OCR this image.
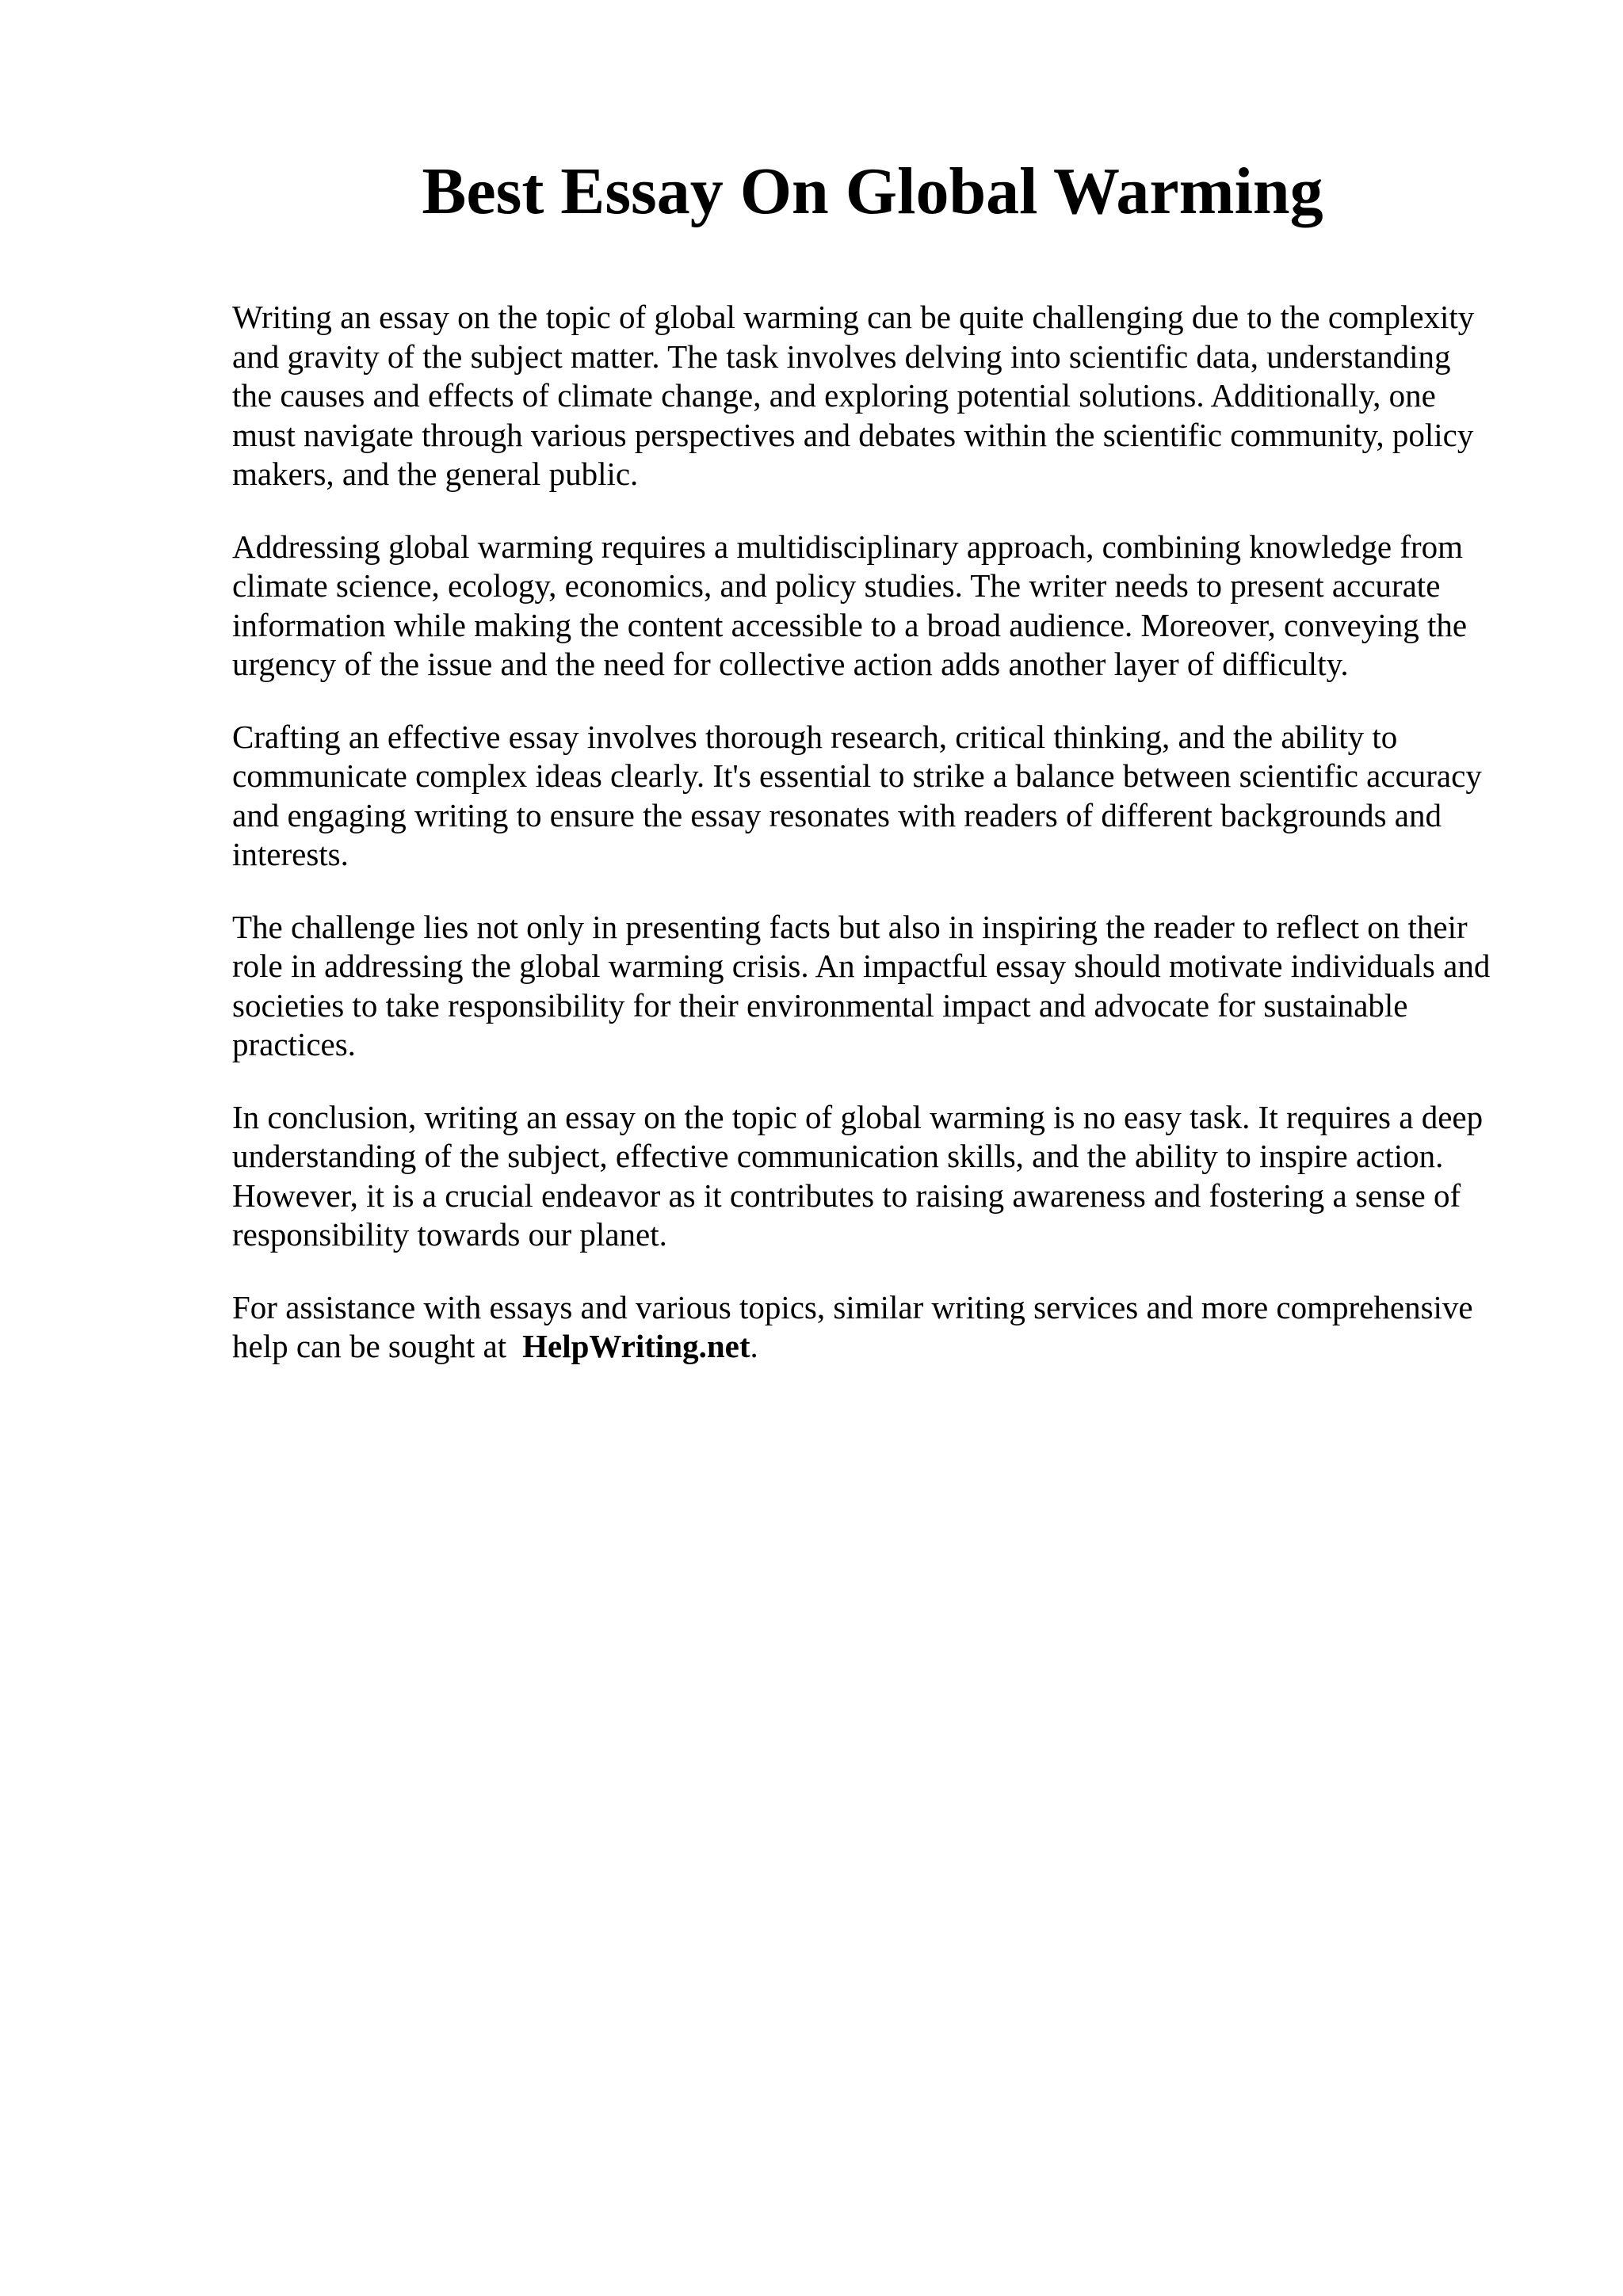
Best Essay On Global Warming

Writing an essay on the topic of global warming can be quite challenging due to the complexity
and gravity of the subject matter. The task involves delving into scientific data, understanding
the causes and effects of climate change, and exploring potential solutions. Additionally, one
must navigate through various perspectives and debates within the scientific community, policy
makers, and the general public.

Addressing global warming requires a multidisciplinary approach, combining knowledge from
climate science, ecology, economics, and policy studies. The writer needs to present accurate
information while making the content accessible to a broad audience. Moreover, conveying the
urgency of the issue and the need for collective action adds another layer of difficulty.

Crafting an effective essay involves thorough research, critical thinking, and the ability to
communicate complex ideas clearly. It's essential to strike a balance between scientific accuracy
and engaging writing to ensure the essay resonates with readers of different backgrounds and
interests.

The challenge lies not only in presenting facts but also in inspiring the reader to reflect on their
role in addressing the global warming crisis. An impactful essay should motivate individuals and
societies to take responsibility for their environmental impact and advocate for sustainable
practices.

In conclusion, writing an essay on the topic of global warming is no easy task. It requires a deep
understanding of the subject, effective communication skills, and the ability to inspire action.
However, it is a crucial endeavor as it contributes to raising awareness and fostering a sense of
responsibility towards our planet.

For assistance with essays and various topics, similar writing services and more comprehensive
help can be sought at HelpWriting.net.
